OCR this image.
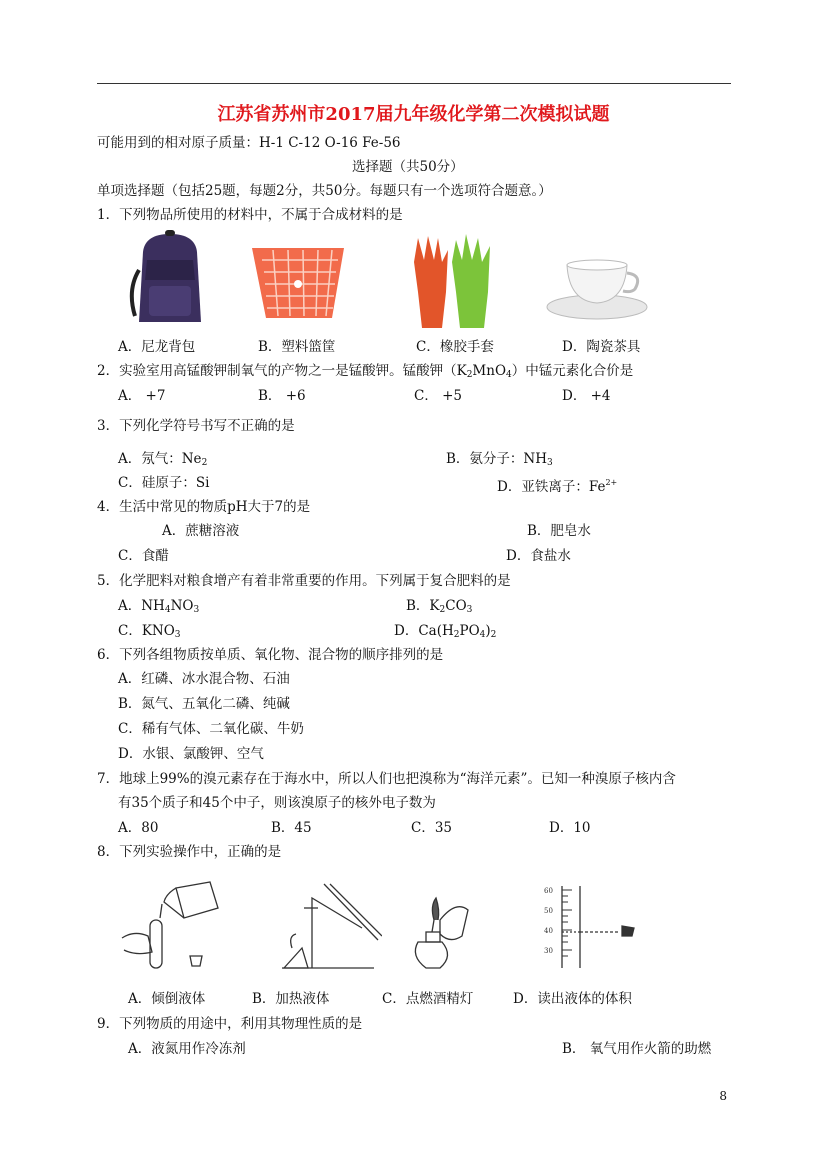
江苏省苏州市2017届九年级化学第二次模拟试题
可能用到的相对原子质量：H-1 C-12 O-16 Fe-56
选择题（共50分）
单项选择题（包括25题，每题2分，共50分。每题只有一个选项符合题意。）
1．下列物品所使用的材料中，不属于合成材料的是
A．尼龙背包	B．塑料篮筐	C．橡胶手套	D．陶瓷茶具
2．实验室用高锰酸钾制氧气的产物之一是锰酸钾。锰酸钾$(K_2MnO_4)$中锰元素化合价是
A． +7	B． +6	C． +5	D． +4
3．下列化学符号书写不正确的是
A．氖气：$Ne_2$	B．氨分子：$NH_3$
C．硅原子：Si	D．亚铁离子：$Fe^{2+}$
4．生活中常见的物质pH大于7的是
A．蔗糖溶液	B．肥皂水
C．食醋	D．食盐水
5．化学肥料对粮食增产有着非常重要的作用。下列属于复合肥料的是
A．$NH_4NO_3$	B．$K_2CO_3$
C．$KNO_3$	D．$Ca(H_2PO_4)_2$
6．下列各组物质按单质、氧化物、混合物的顺序排列的是
A．红磷、冰水混合物、石油
B．氮气、五氧化二磷、纯碱
C．稀有气体、二氧化碳、牛奶
D．水银、氯酸钾、空气
7．地球上99%的溴元素存在于海水中，所以人们也把溴称为“海洋元素”。已知一种溴原子核内含
有35个质子和45个中子，则该溴原子的核外电子数为
A．80	B．45	C．35	D．10
8．下列实验操作中，正确的是
60
50
40
30
A．倾倒液体	B．加热液体	C．点燃酒精灯	D．读出液体的体积
9．下列物质的用途中，利用其物理性质的是
A．液氮用作冷冻剂	B． 氧气用作火箭的助燃
8
